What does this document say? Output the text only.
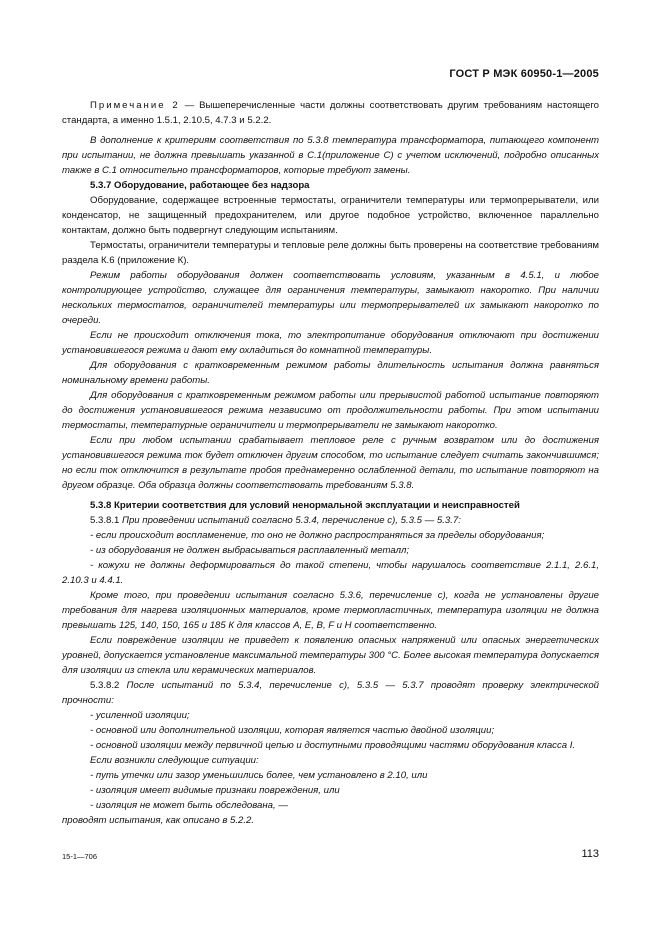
ГОСТ Р МЭК 60950-1—2005

Примечание 2 — Вышеперечисленные части должны соответствовать другим требованиям настоящего стандарта, а именно 1.5.1, 2.10.5, 4.7.3 и 5.2.2.

В дополнение к критериям соответствия по 5.3.8 температура трансформатора, питающего компонент при испытании, не должна превышать указанной в С.1(приложение С) с учетом исключений, подробно описанных также в С.1 относительно трансформаторов, которые требуют замены.

5.3.7 Оборудование, работающее без надзора

Оборудование, содержащее встроенные термостаты, ограничители температуры или термопрерыватели, или конденсатор, не защищенный предохранителем, или другое подобное устройство, включенное параллельно контактам, должно быть подвергнут следующим испытаниям.

Термостаты, ограничители температуры и тепловые реле должны быть проверены на соответствие требованиям раздела К.6 (приложение К).

Режим работы оборудования должен соответствовать условиям, указанным в 4.5.1, и любое контролирующее устройство, служащее для ограничения температуры, замыкают накоротко. При наличии нескольких термостатов, ограничителей температуры или термопрерывателей их замыкают накоротко по очереди.

Если не происходит отключения тока, то электропитание оборудования отключают при достижении установившегося режима и дают ему охладиться до комнатной температуры.

Для оборудования с кратковременным режимом работы длительность испытания должна равняться номинальному времени работы.

Для оборудования с кратковременным режимом работы или прерывистой работой испытание повторяют до достижения установившегося режима независимо от продолжительности работы. При этом испытании термостаты, температурные ограничители и термопрерыватели не замыкают накоротко.

Если при любом испытании срабатывает тепловое реле с ручным возвратом или до достижения установившегося режима ток будет отключен другим способом, то испытание следует считать закончившимся; но если ток отключится в результате пробоя преднамеренно ослабленной детали, то испытание повторяют на другом образце. Оба образца должны соответствовать требованиям 5.3.8.

5.3.8 Критерии соответствия для условий ненормальной эксплуатации и неисправностей

5.3.8.1 При проведении испытаний согласно 5.3.4, перечисление с), 5.3.5 — 5.3.7:

- если происходит воспламенение, то оно не должно распространяться за пределы оборудования;

- из оборудования не должен выбрасываться расплавленный металл;

- кожухи не должны деформироваться до такой степени, чтобы нарушалось соответствие 2.1.1, 2.6.1, 2.10.3 и 4.4.1.

Кроме того, при проведении испытания согласно 5.3.6, перечисление с), когда не установлены другие требования для нагрева изоляционных материалов, кроме термопластичных, температура изоляции не должна превышать 125, 140, 150, 165 и 185 К для классов А, Е, В, F и Н соответственно.

Если повреждение изоляции не приведет к появлению опасных напряжений или опасных энергетических уровней, допускается установление максимальной температуры 300 °С. Более высокая температура допускается для изоляции из стекла или керамических материалов.

5.3.8.2 После испытаний по 5.3.4, перечисление с), 5.3.5 — 5.3.7 проводят проверку электрической прочности:

- усиленной изоляции;

- основной или дополнительной изоляции, которая является частью двойной изоляции;

- основной изоляции между первичной цепью и доступными проводящими частями оборудования класса I.

Если возникли следующие ситуации:

- путь утечки или зазор уменьшились более, чем установлено в 2.10, или

- изоляция имеет видимые признаки повреждения, или

- изоляция не может быть обследована, —

проводят испытания, как описано в 5.2.2.

15-1—706	113
